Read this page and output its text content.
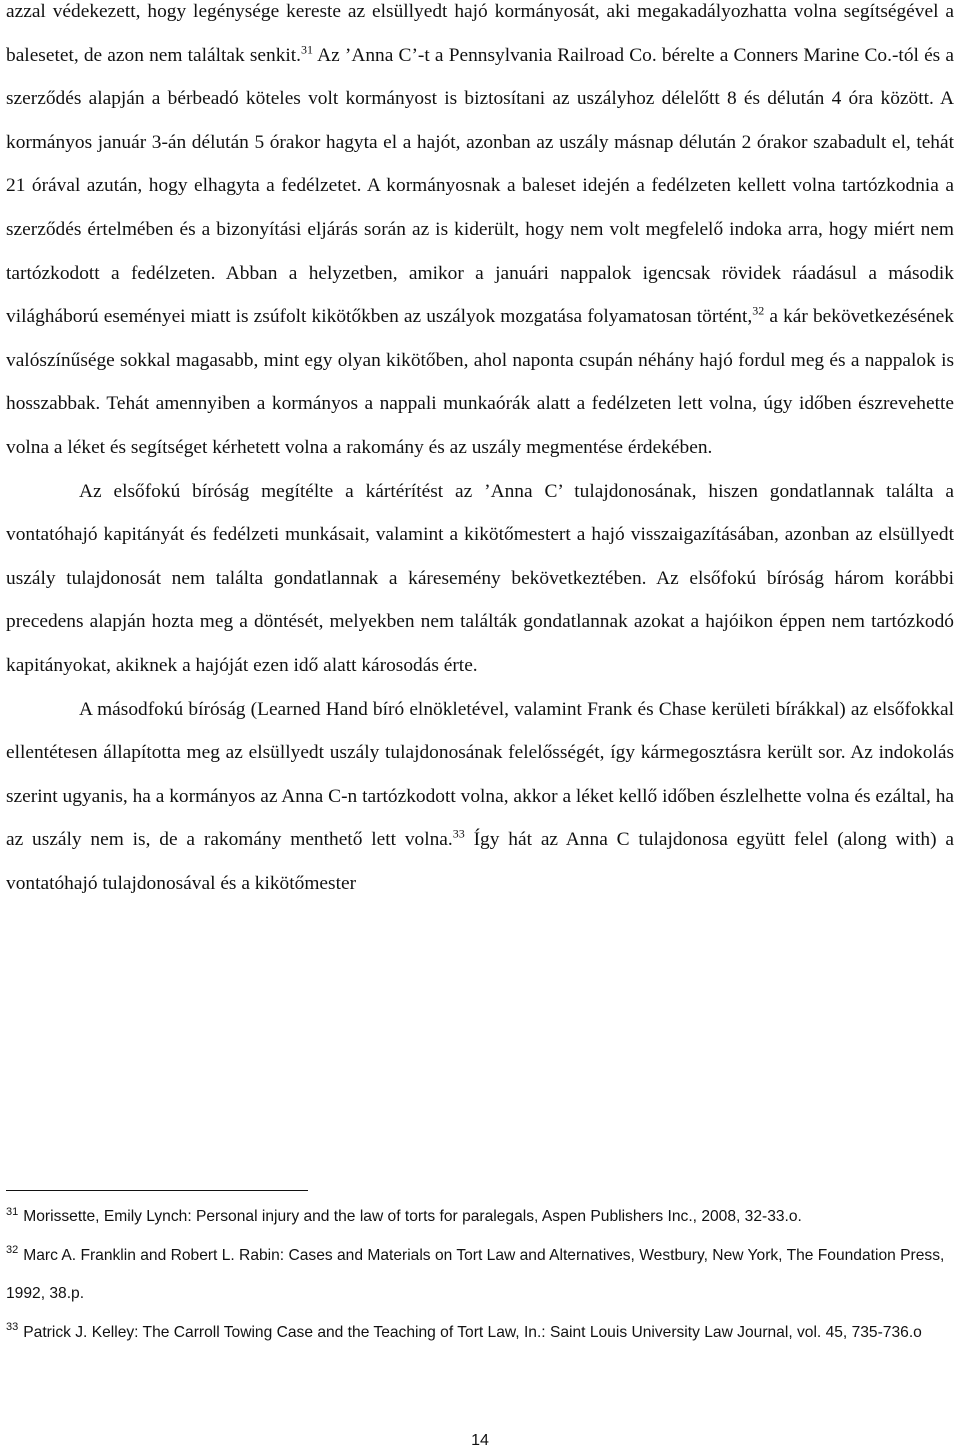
azzal védekezett, hogy legénysége kereste az elsüllyedt hajó kormányosát, aki megakadályozhatta volna segítségével a balesetet, de azon nem találtak senkit.$^{31}$ Az ’Anna C’-t a Pennsylvania Railroad Co. bérelte a Conners Marine Co.-tól és a szerződés alapján a bérbeadó köteles volt kormányost is biztosítani az uszályhoz délelőtt 8 és délután 4 óra között. A kormányos január 3-án délután 5 órakor hagyta el a hajót, azonban az uszály másnap délután 2 órakor szabadult el, tehát 21 órával azután, hogy elhagyta a fedélzetet. A kormányosnak a baleset idején a fedélzeten kellett volna tartózkodnia a szerződés értelmében és a bizonyítási eljárás során az is kiderült, hogy nem volt megfelelő indoka arra, hogy miért nem tartózkodott a fedélzeten. Abban a helyzetben, amikor a januári nappalok igencsak rövidek ráadásul a második világháború eseményei miatt is zsúfolt kikötőkben az uszályok mozgatása folyamatosan történt,$^{32}$ a kár bekövetkezésének valószínűsége sokkal magasabb, mint egy olyan kikötőben, ahol naponta csupán néhány hajó fordul meg és a nappalok is hosszabbak. Tehát amennyiben a kormányos a nappali munkaórák alatt a fedélzeten lett volna, úgy időben észrevehette volna a léket és segítséget kérhetett volna a rakomány és az uszály megmentése érdekében.

Az elsőfokú bíróság megítélte a kártérítést az ’Anna C’ tulajdonosának, hiszen gondatlannak találta a vontatóhajó kapitányát és fedélzeti munkásait, valamint a kikötőmestert a hajó visszaigazításában, azonban az elsüllyedt uszály tulajdonosát nem találta gondatlannak a káresemény bekövetkeztében. Az elsőfokú bíróság három korábbi precedens alapján hozta meg a döntését, melyekben nem találták gondatlannak azokat a hajóikon éppen nem tartózkodó kapitányokat, akiknek a hajóját ezen idő alatt károsodás érte.

A másodfokú bíróság (Learned Hand bíró elnökletével, valamint Frank és Chase kerületi bírákkal) az elsőfokkal ellentétesen állapította meg az elsüllyedt uszály tulajdonosának felelősségét, így kármegosztásra került sor. Az indokolás szerint ugyanis, ha a kormányos az Anna C-n tartózkodott volna, akkor a léket kellő időben észlelhette volna és ezáltal, ha az uszály nem is, de a rakomány menthető lett volna.$^{33}$ Így hát az Anna C tulajdonosa együtt felel (along with) a vontatóhajó tulajdonosával és a kikötőmester

$^{31}$ Morissette, Emily Lynch: Personal injury and the law of torts for paralegals, Aspen Publishers Inc., 2008, 32-33.o.

$^{32}$ Marc A. Franklin and Robert L. Rabin: Cases and Materials on Tort Law and Alternatives, Westbury, New York, The Foundation Press, 1992, 38.p.

$^{33}$ Patrick J. Kelley: The Carroll Towing Case and the Teaching of Tort Law, In.: Saint Louis University Law Journal, vol. 45, 735-736.o

14
